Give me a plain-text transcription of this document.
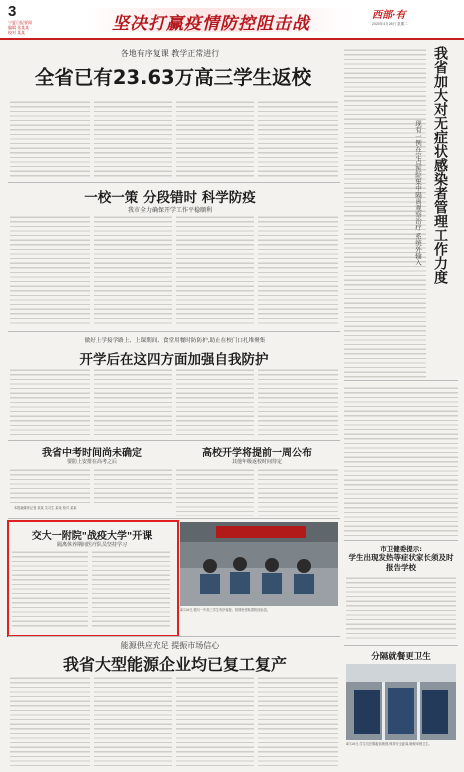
3
宁夏日报要闻
编辑 张某某
校对 某某	坚决打赢疫情防控阻击战	西部·有
2020年4月28日 星期二
各地有序复课 教学正常进行
全省已有23.63万高三学生返校	我省加大对无症状感染者管理工作力度
现有一例在定点医院集中隔离观察治疗 系统外输入
一校一策 分段错时 科学防疫
我市全力确保开学工作平稳顺利
做好上学接学路上、上课期间、食堂用餐时防防护,助止在校门口扎堆聚集
开学后在这四方面加强自我防护
我省中考时间尚未确定
要防上安排在高考之后
本报融媒体记者 某某 实习生 某某 校对 某某
高校开学将提前一周公布
其他年级返校时间待定
交大一附院"战疫大学"开课
隔离休养期间医疗队员坚持学习
4月26日,银川一中高三学生有序返校。校园里张贴着防疫标语。
市卫健委提示:
学生出现发热等症状家长须及时报告学校
分隔就餐更卫生
4月26日,学生们在隔板前就餐,保持安全距离,确保用餐卫生。
能源供应充足 提振市场信心
我省大型能源企业均已复工复产
